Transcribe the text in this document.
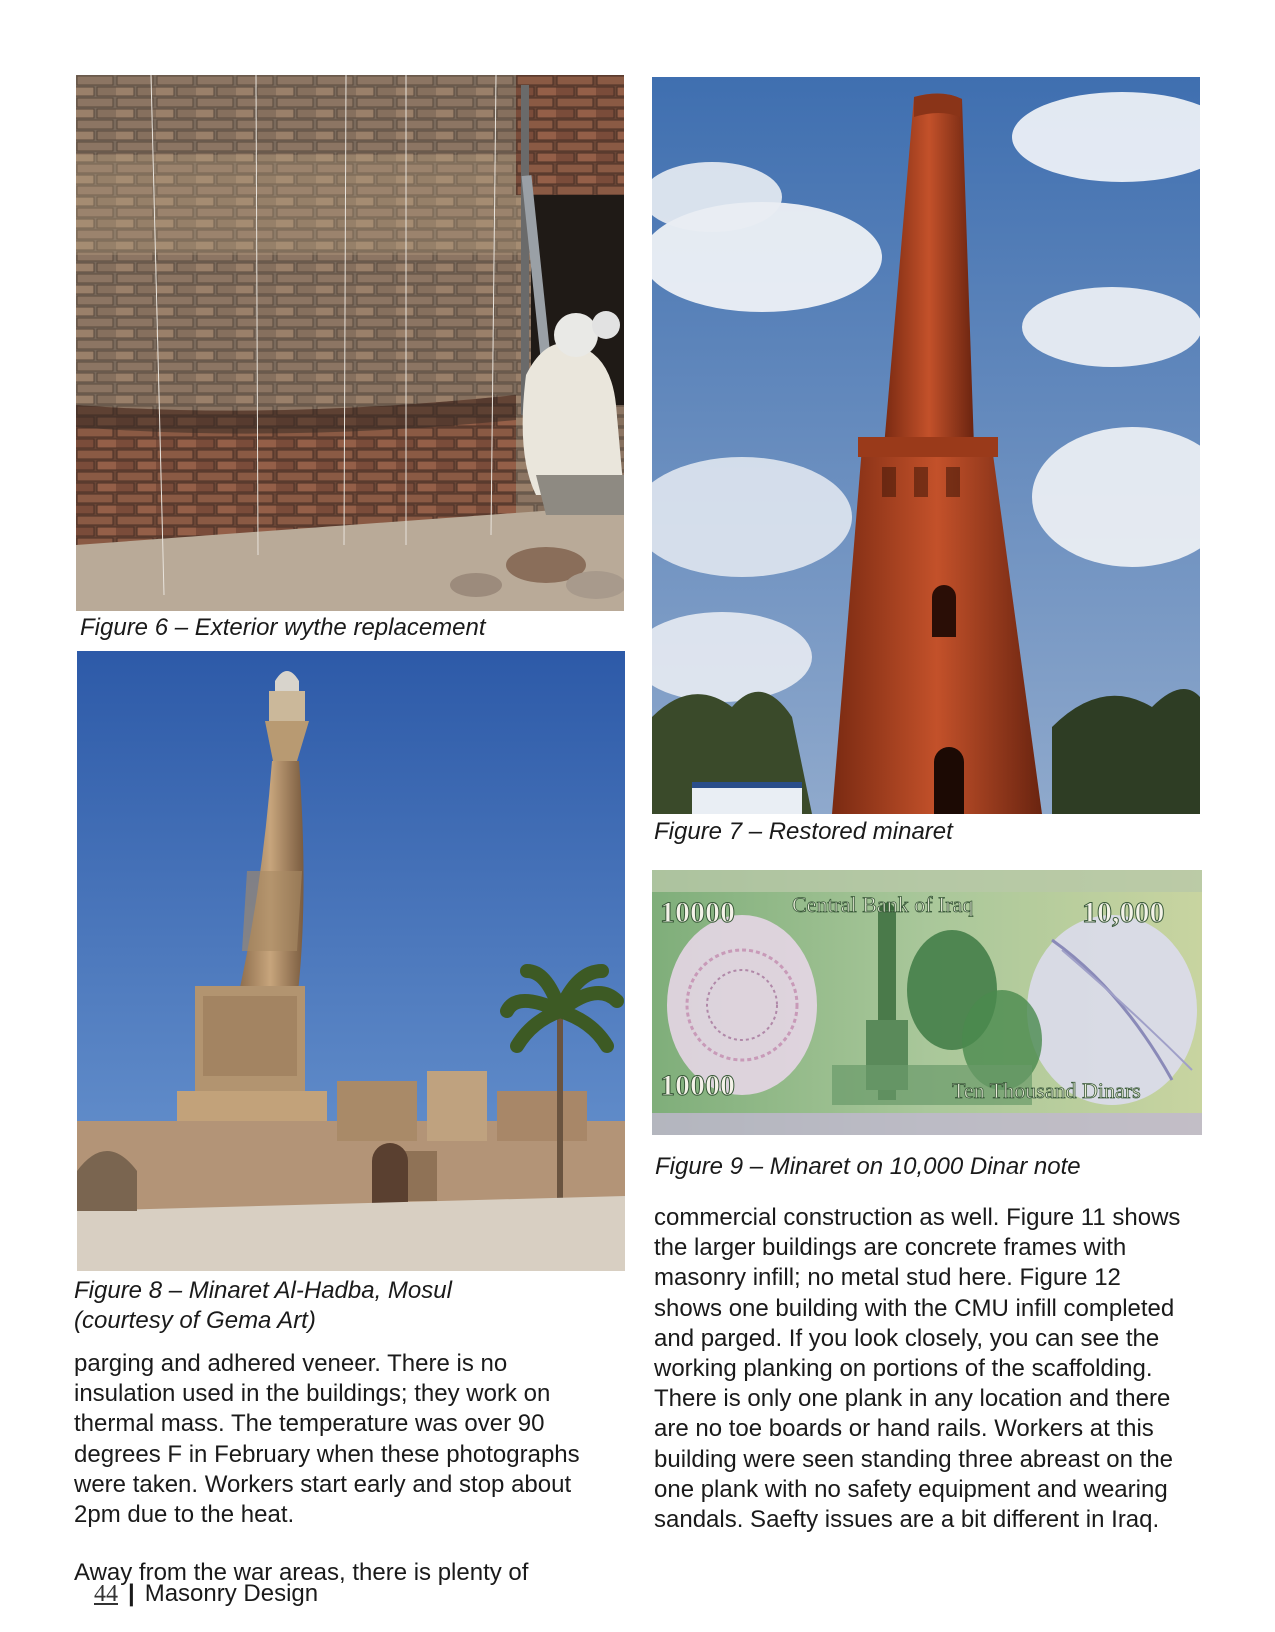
Figure 6 – Exterior wythe replacement
Figure 7 – Restored minaret
Figure 8 – Minaret Al-Hadba, Mosul
(courtesy of Gema Art)
10000	10,000
Central Bank of Iraq
10000	Ten Thousand Dinars
Figure 9 – Minaret on 10,000 Dinar note
parging and adhered veneer. There is no
insulation used in the buildings; they work on
thermal mass. The temperature was over 90
degrees F in February when these photographs
were taken. Workers start early and stop about
2pm due to the heat.
Away from the war areas, there is plenty of
commercial construction as well. Figure 11 shows
the larger buildings are concrete frames with
masonry infill; no metal stud here. Figure 12
shows one building with the CMU infill completed
and parged. If you look closely, you can see the
working planking on portions of the scaffolding.
There is only one plank in any location and there
are no toe boards or hand rails. Workers at this
building were seen standing three abreast on the
one plank with no safety equipment and wearing
sandals. Saefty issues are a bit different in Iraq.
44 | Masonry Design
